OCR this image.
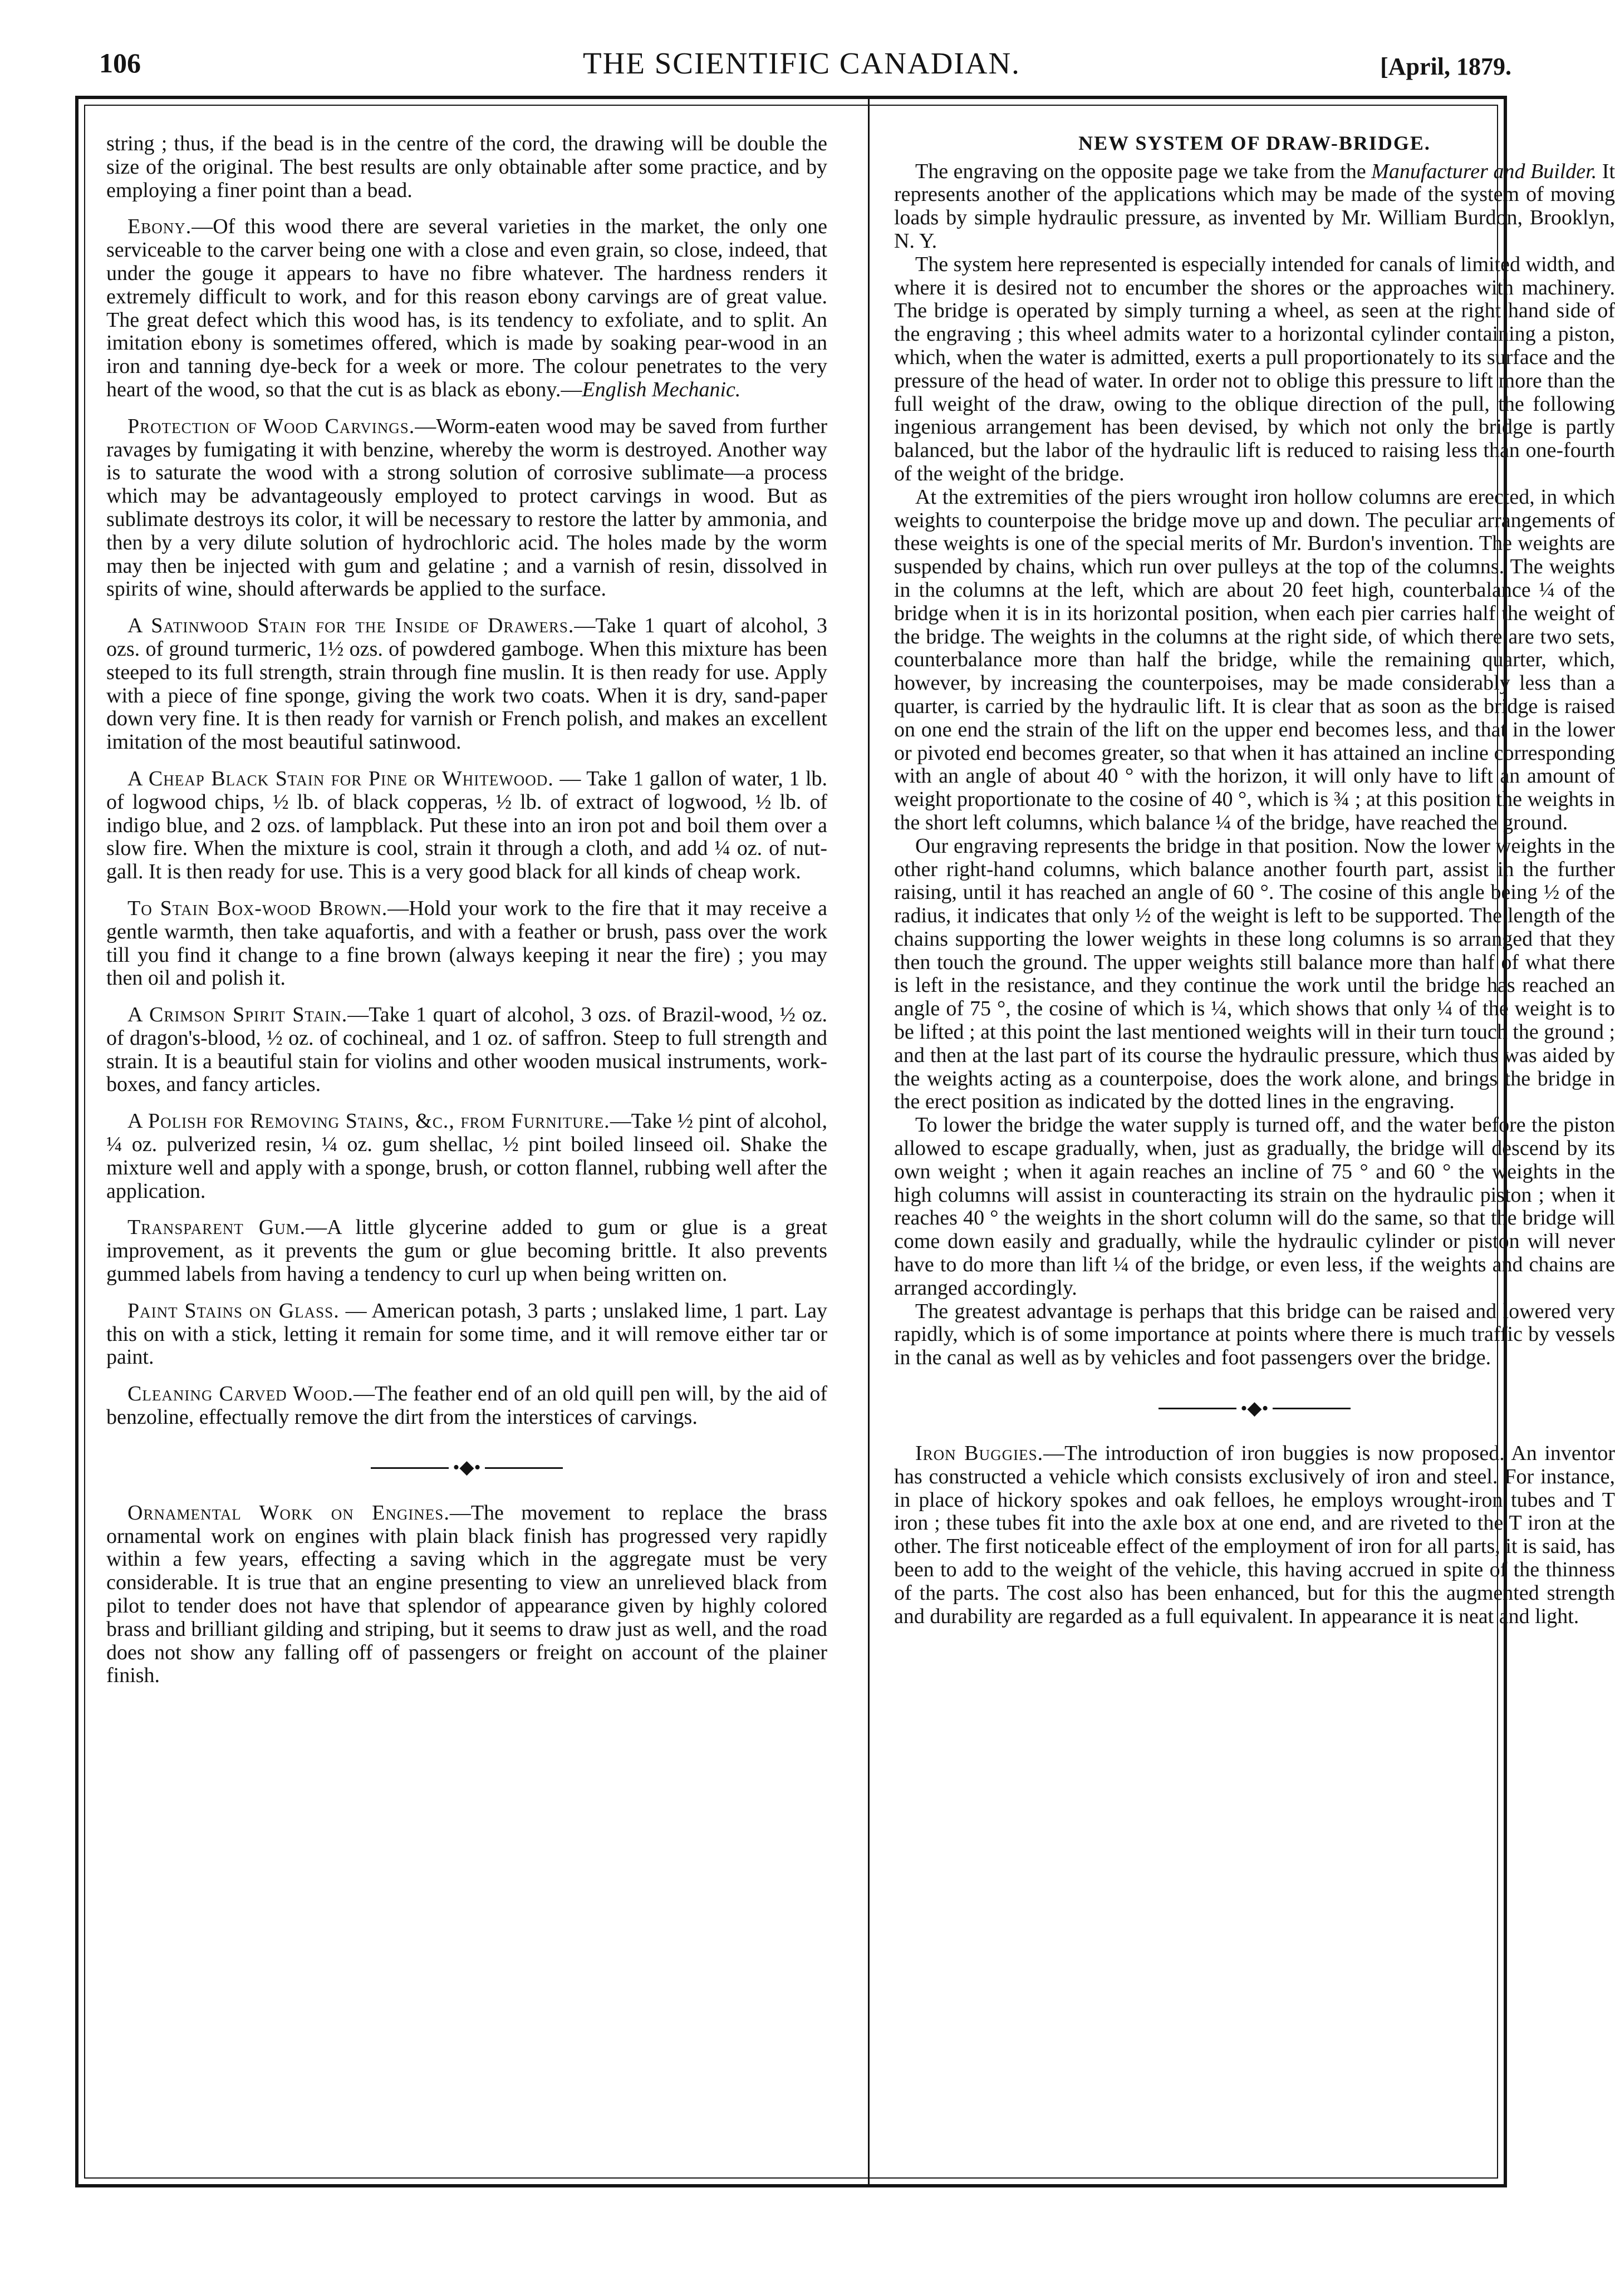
106	THE SCIENTIFIC CANADIAN.	[April, 1879.

string ; thus, if the bead is in the centre of the cord, the drawing will be double the size of the original. The best results are only obtainable after some practice, and by employing a finer point than a bead.

Ebony.—Of this wood there are several varieties in the market, the only one serviceable to the carver being one with a close and even grain, so close, indeed, that under the gouge it appears to have no fibre whatever. The hardness renders it extremely difficult to work, and for this reason ebony carvings are of great value. The great defect which this wood has, is its tendency to exfoliate, and to split. An imitation ebony is sometimes offered, which is made by soaking pear-wood in an iron and tanning dye-beck for a week or more. The colour penetrates to the very heart of the wood, so that the cut is as black as ebony.—English Mechanic.

Protection of Wood Carvings.—Worm-eaten wood may be saved from further ravages by fumigating it with benzine, whereby the worm is destroyed. Another way is to saturate the wood with a strong solution of corrosive sublimate—a process which may be advantageously employed to protect carvings in wood. But as sublimate destroys its color, it will be necessary to restore the latter by ammonia, and then by a very dilute solution of hydrochloric acid. The holes made by the worm may then be injected with gum and gelatine ; and a varnish of resin, dissolved in spirits of wine, should afterwards be applied to the surface.

A Satinwood Stain for the Inside of Drawers.—Take 1 quart of alcohol, 3 ozs. of ground turmeric, 1½ ozs. of powdered gamboge. When this mixture has been steeped to its full strength, strain through fine muslin. It is then ready for use. Apply with a piece of fine sponge, giving the work two coats. When it is dry, sand-paper down very fine. It is then ready for varnish or French polish, and makes an excellent imitation of the most beautiful satinwood.

A Cheap Black Stain for Pine or Whitewood. — Take 1 gallon of water, 1 lb. of logwood chips, ½ lb. of black copperas, ½ lb. of extract of logwood, ½ lb. of indigo blue, and 2 ozs. of lampblack. Put these into an iron pot and boil them over a slow fire. When the mixture is cool, strain it through a cloth, and add ¼ oz. of nut-gall. It is then ready for use. This is a very good black for all kinds of cheap work.

To Stain Box-wood Brown.—Hold your work to the fire that it may receive a gentle warmth, then take aquafortis, and with a feather or brush, pass over the work till you find it change to a fine brown (always keeping it near the fire) ; you may then oil and polish it.

A Crimson Spirit Stain.—Take 1 quart of alcohol, 3 ozs. of Brazil-wood, ½ oz. of dragon's-blood, ½ oz. of cochineal, and 1 oz. of saffron. Steep to full strength and strain. It is a beautiful stain for violins and other wooden musical instruments, work-boxes, and fancy articles.

A Polish for Removing Stains, &c., from Furniture.—Take ½ pint of alcohol, ¼ oz. pulverized resin, ¼ oz. gum shellac, ½ pint boiled linseed oil. Shake the mixture well and apply with a sponge, brush, or cotton flannel, rubbing well after the application.

Transparent Gum.—A little glycerine added to gum or glue is a great improvement, as it prevents the gum or glue becoming brittle. It also prevents gummed labels from having a tendency to curl up when being written on.

Paint Stains on Glass. — American potash, 3 parts ; unslaked lime, 1 part. Lay this on with a stick, letting it remain for some time, and it will remove either tar or paint.

Cleaning Carved Wood.—The feather end of an old quill pen will, by the aid of benzoline, effectually remove the dirt from the interstices of carvings.

•◆•

Ornamental Work on Engines.—The movement to replace the brass ornamental work on engines with plain black finish has progressed very rapidly within a few years, effecting a saving which in the aggregate must be very considerable. It is true that an engine presenting to view an unrelieved black from pilot to tender does not have that splendor of appearance given by highly colored brass and brilliant gilding and striping, but it seems to draw just as well, and the road does not show any falling off of passengers or freight on account of the plainer finish.

NEW SYSTEM OF DRAW-BRIDGE.

The engraving on the opposite page we take from the Manufacturer and Builder. It represents another of the applications which may be made of the system of moving loads by simple hydraulic pressure, as invented by Mr. William Burdon, Brooklyn, N. Y.

The system here represented is especially intended for canals of limited width, and where it is desired not to encumber the shores or the approaches with machinery. The bridge is operated by simply turning a wheel, as seen at the right hand side of the engraving ; this wheel admits water to a horizontal cylinder containing a piston, which, when the water is admitted, exerts a pull proportionately to its surface and the pressure of the head of water. In order not to oblige this pressure to lift more than the full weight of the draw, owing to the oblique direction of the pull, the following ingenious arrangement has been devised, by which not only the bridge is partly balanced, but the labor of the hydraulic lift is reduced to raising less than one-fourth of the weight of the bridge.

At the extremities of the piers wrought iron hollow columns are erected, in which weights to counterpoise the bridge move up and down. The peculiar arrangements of these weights is one of the special merits of Mr. Burdon's invention. The weights are suspended by chains, which run over pulleys at the top of the columns. The weights in the columns at the left, which are about 20 feet high, counterbalance ¼ of the bridge when it is in its horizontal position, when each pier carries half the weight of the bridge. The weights in the columns at the right side, of which there are two sets, counterbalance more than half the bridge, while the remaining quarter, which, however, by increasing the counterpoises, may be made considerably less than a quarter, is carried by the hydraulic lift. It is clear that as soon as the bridge is raised on one end the strain of the lift on the upper end becomes less, and that in the lower or pivoted end becomes greater, so that when it has attained an incline corresponding with an angle of about 40 ° with the horizon, it will only have to lift an amount of weight proportionate to the cosine of 40 °, which is ¾ ; at this position the weights in the short left columns, which balance ¼ of the bridge, have reached the ground.

Our engraving represents the bridge in that position. Now the lower weights in the other right-hand columns, which balance another fourth part, assist in the further raising, until it has reached an angle of 60 °. The cosine of this angle being ½ of the radius, it indicates that only ½ of the weight is left to be supported. The length of the chains supporting the lower weights in these long columns is so arranged that they then touch the ground. The upper weights still balance more than half of what there is left in the resistance, and they continue the work until the bridge has reached an angle of 75 °, the cosine of which is ¼, which shows that only ¼ of the weight is to be lifted ; at this point the last mentioned weights will in their turn touch the ground ; and then at the last part of its course the hydraulic pressure, which thus was aided by the weights acting as a counterpoise, does the work alone, and brings the bridge in the erect position as indicated by the dotted lines in the engraving.

To lower the bridge the water supply is turned off, and the water before the piston allowed to escape gradually, when, just as gradually, the bridge will descend by its own weight ; when it again reaches an incline of 75 ° and 60 ° the weights in the high columns will assist in counteracting its strain on the hydraulic piston ; when it reaches 40 ° the weights in the short column will do the same, so that the bridge will come down easily and gradually, while the hydraulic cylinder or piston will never have to do more than lift ¼ of the bridge, or even less, if the weights and chains are arranged accordingly.

The greatest advantage is perhaps that this bridge can be raised and lowered very rapidly, which is of some importance at points where there is much traffic by vessels in the canal as well as by vehicles and foot passengers over the bridge.

•◆•

Iron Buggies.—The introduction of iron buggies is now proposed. An inventor has constructed a vehicle which consists exclusively of iron and steel. For instance, in place of hickory spokes and oak felloes, he employs wrought-iron tubes and T iron ; these tubes fit into the axle box at one end, and are riveted to the T iron at the other. The first noticeable effect of the employment of iron for all parts, it is said, has been to add to the weight of the vehicle, this having accrued in spite of the thinness of the parts. The cost also has been enhanced, but for this the augmented strength and durability are regarded as a full equivalent. In appearance it is neat and light.
